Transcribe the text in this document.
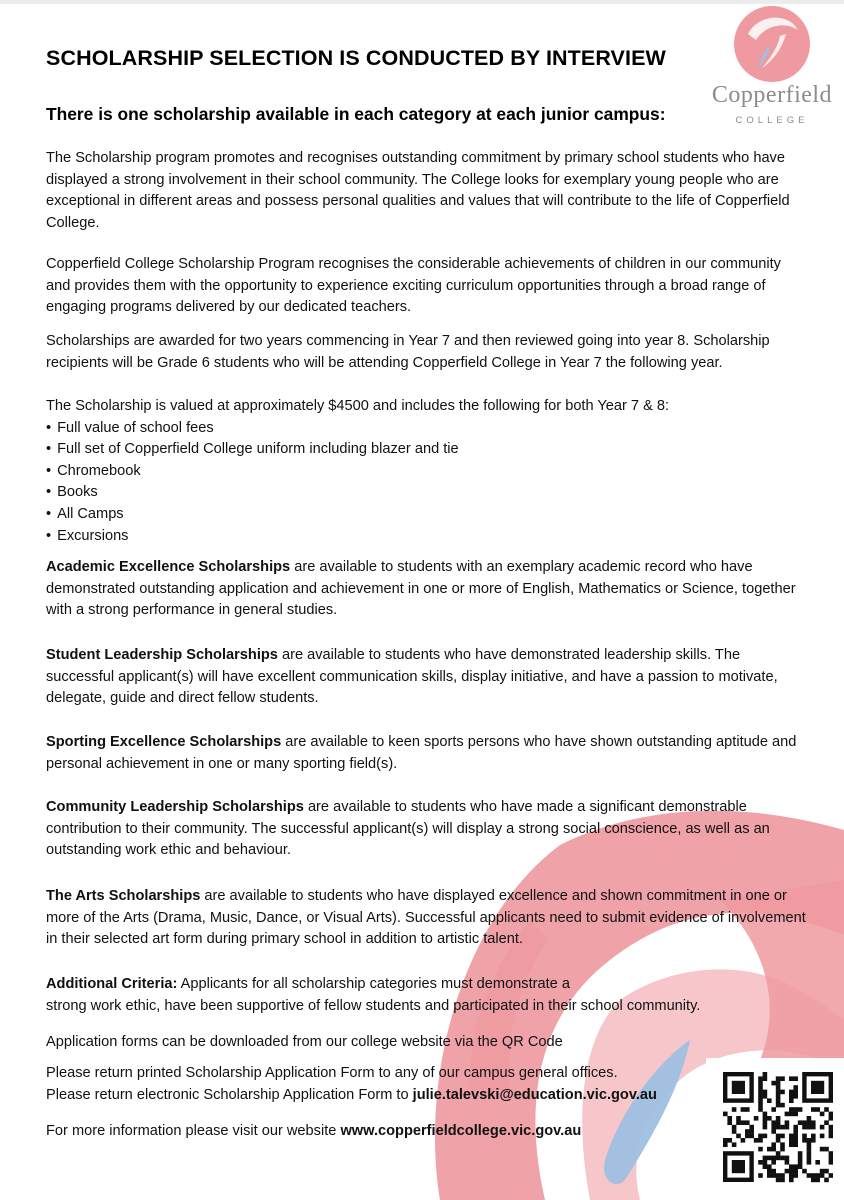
SCHOLARSHIP SELECTION IS CONDUCTED BY INTERVIEW
There is one scholarship available in each category at each junior campus:
Copperfield
COLLEGE
The Scholarship program promotes and recognises outstanding commitment by primary school students who have displayed a strong involvement in their school community. The College looks for exemplary young people who are exceptional in different areas and possess personal qualities and values that will contribute to the life of Copperfield College.
Copperfield College Scholarship Program recognises the considerable achievements of children in our community and provides them with the opportunity to experience exciting curriculum opportunities through a broad range of engaging programs delivered by our dedicated teachers.
Scholarships are awarded for two years commencing in Year 7 and then reviewed going into year 8. Scholarship recipients will be Grade 6 students who will be attending Copperfield College in Year 7 the following year.
The Scholarship is valued at approximately $4500 and includes the following for both Year 7 & 8:
• Full value of school fees
• Full set of Copperfield College uniform including blazer and tie
• Chromebook
• Books
• All Camps
• Excursions
Academic Excellence Scholarships are available to students with an exemplary academic record who have demonstrated outstanding application and achievement in one or more of English, Mathematics or Science, together with a strong performance in general studies.
Student Leadership Scholarships are available to students who have demonstrated leadership skills. The successful applicant(s) will have excellent communication skills, display initiative, and have a passion to motivate, delegate, guide and direct fellow students.
Sporting Excellence Scholarships are available to keen sports persons who have shown outstanding aptitude and personal achievement in one or many sporting field(s).
Community Leadership Scholarships are available to students who have made a significant demonstrable contribution to their community. The successful applicant(s) will display a strong social conscience, as well as an outstanding work ethic and behaviour.
The Arts Scholarships are available to students who have displayed excellence and shown commitment in one or more of the Arts (Drama, Music, Dance, or Visual Arts). Successful applicants need to submit evidence of involvement in their selected art form during primary school in addition to artistic talent.
Additional Criteria: Applicants for all scholarship categories must demonstrate a
strong work ethic, have been supportive of fellow students and participated in their school community.
Application forms can be downloaded from our college website via the QR Code
Please return printed Scholarship Application Form to any of our campus general offices.
Please return electronic Scholarship Application Form to julie.talevski@education.vic.gov.au
For more information please visit our website www.copperfieldcollege.vic.gov.au
